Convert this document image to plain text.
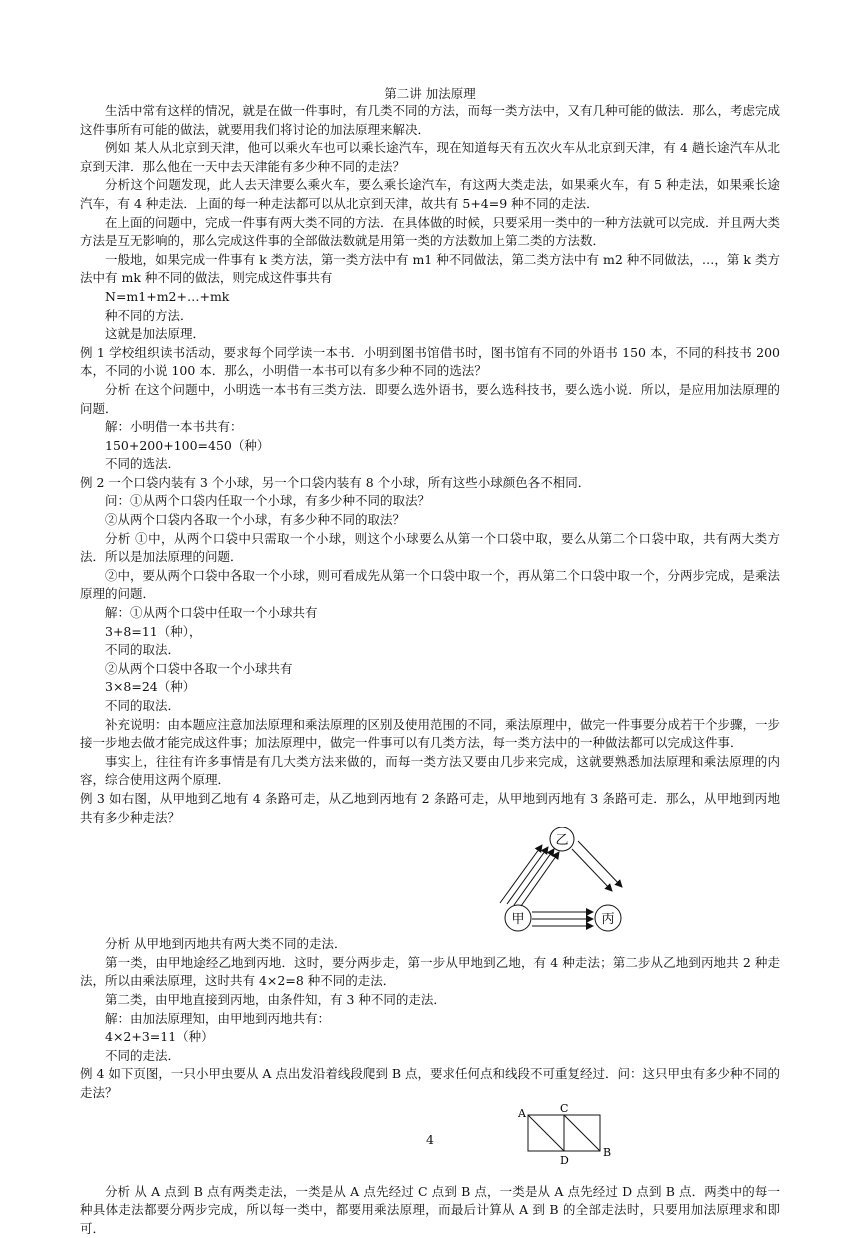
第二讲 加法原理

生活中常有这样的情况，就是在做一件事时，有几类不同的方法，而每一类方法中，又有几种可能的做法．那么，考虑完成这件事所有可能的做法，就要用我们将讨论的加法原理来解决．

例如 某人从北京到天津，他可以乘火车也可以乘长途汽车，现在知道每天有五次火车从北京到天津，有 4 趟长途汽车从北京到天津．那么他在一天中去天津能有多少种不同的走法？

分析这个问题发现，此人去天津要么乘火车，要么乘长途汽车，有这两大类走法，如果乘火车，有 5 种走法，如果乘长途汽车，有 4 种走法．上面的每一种走法都可以从北京到天津，故共有 5+4=9 种不同的走法．

在上面的问题中，完成一件事有两大类不同的方法．在具体做的时候，只要采用一类中的一种方法就可以完成．并且两大类方法是互无影响的，那么完成这件事的全部做法数就是用第一类的方法数加上第二类的方法数．

一般地，如果完成一件事有 k 类方法，第一类方法中有 m1 种不同做法，第二类方法中有 m2 种不同做法，…，第 k 类方法中有 mk 种不同的做法，则完成这件事共有

N=m1+m2+…+mk

种不同的方法．

这就是加法原理．

例 1 学校组织读书活动，要求每个同学读一本书．小明到图书馆借书时，图书馆有不同的外语书 150 本，不同的科技书 200 本，不同的小说 100 本．那么，小明借一本书可以有多少种不同的选法？

分析 在这个问题中，小明选一本书有三类方法．即要么选外语书，要么选科技书，要么选小说．所以，是应用加法原理的问题．

解：小明借一本书共有：

150+200+100=450（种）

不同的选法．

例 2 一个口袋内装有 3 个小球，另一个口袋内装有 8 个小球，所有这些小球颜色各不相同．

问：①从两个口袋内任取一个小球，有多少种不同的取法？

②从两个口袋内各取一个小球，有多少种不同的取法？

分析 ①中，从两个口袋中只需取一个小球，则这个小球要么从第一个口袋中取，要么从第二个口袋中取，共有两大类方法．所以是加法原理的问题．

②中，要从两个口袋中各取一个小球，则可看成先从第一个口袋中取一个，再从第二个口袋中取一个，分两步完成，是乘法原理的问题．

解：①从两个口袋中任取一个小球共有

3+8=11（种），

不同的取法．

②从两个口袋中各取一个小球共有

3×8=24（种）

不同的取法．

补充说明：由本题应注意加法原理和乘法原理的区别及使用范围的不同，乘法原理中，做完一件事要分成若干个步骤，一步接一步地去做才能完成这件事；加法原理中，做完一件事可以有几类方法，每一类方法中的一种做法都可以完成这件事．

事实上，往往有许多事情是有几大类方法来做的，而每一类方法又要由几步来完成，这就要熟悉加法原理和乘法原理的内容，综合使用这两个原理．

例 3 如右图，从甲地到乙地有 4 条路可走，从乙地到丙地有 2 条路可走，从甲地到丙地有 3 条路可走．那么，从甲地到丙地共有多少种走法？

乙
甲	丙

分析 从甲地到丙地共有两大类不同的走法．

第一类，由甲地途经乙地到丙地．这时，要分两步走，第一步从甲地到乙地，有 4 种走法；第二步从乙地到丙地共 2 种走法，所以由乘法原理，这时共有 4×2=8 种不同的走法．

第二类，由甲地直接到丙地，由条件知，有 3 种不同的走法．

解：由加法原理知，由甲地到丙地共有：

4×2+3=11（种）

不同的走法．

例 4 如下页图，一只小甲虫要从 A 点出发沿着线段爬到 B 点，要求任何点和线段不可重复经过．问：这只甲虫有多少种不同的走法？

A	C
D
B

分析 从 A 点到 B 点有两类走法，一类是从 A 点先经过 C 点到 B 点，一类是从 A 点先经过 D 点到 B 点．两类中的每一种具体走法都要分两步完成，所以每一类中，都要用乘法原理，而最后计算从 A 到 B 的全部走法时，只要用加法原理求和即可．

4
